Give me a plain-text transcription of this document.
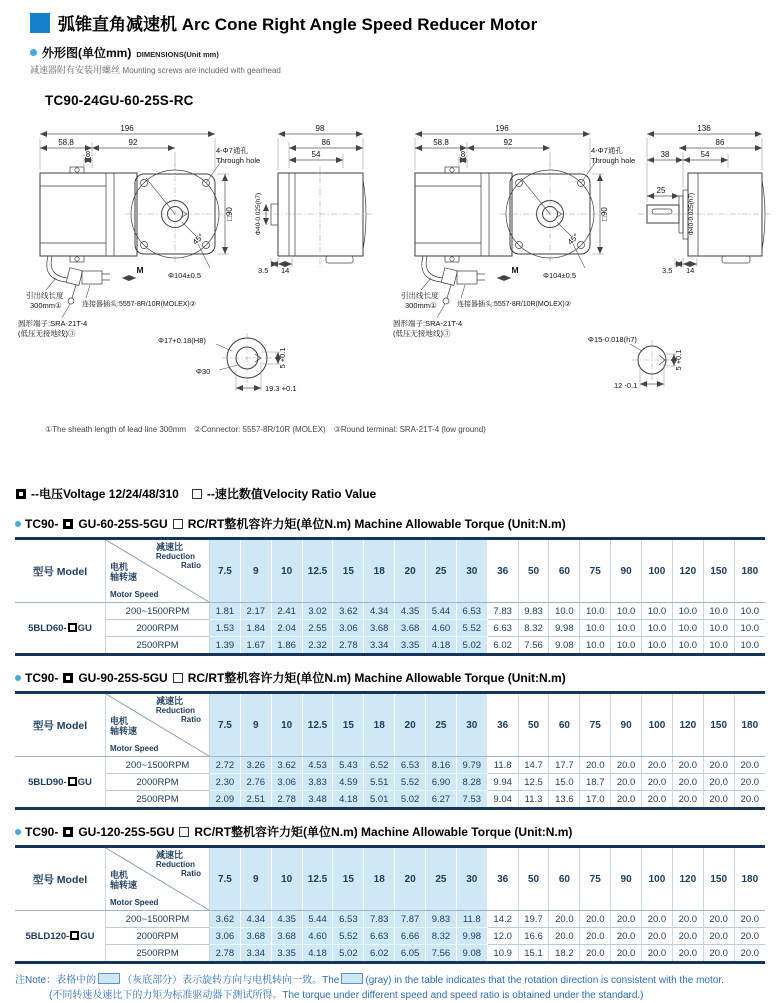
弧锥直角减速机 Arc Cone Right Angle Speed Reducer Motor
外形图(单位mm) DIMENSIONS(Unit mm)
减速器附有安装用螺丝 Mounting screws are included with gearhead
TC90-24GU-60-25S-RC
45°
196
58.8	92
8	4-Φ7通孔
Through hole
□90
Φ104±0.5
M
引出线长度
300mm①	连接器插头:5557-8R/10R(MOLEX)②
圆形端子:SRA-21T-4
(低压无接地线)③
98
86
54
Φ40-0.025(h7)
3.5 14
Φ17+0.18(H8)
Φ30
19.3 +0.1
5 +0.1
136
86
38	54
25
Φ40-0.025(h7)
3.5 14
Φ15-0.018(h7)
12 -0.1
5 +0.1
①The sheath length of lead line 300mm　②Connector: 5557-8R/10R (MOLEX)　③Round terminal: SRA-21T-4 (low ground)
--电压Voltage 12/24/48/310 --速比数值Velocity Ratio Value
TC90- GU-60-25S-5GU RC/RT整机容许力矩(单位N.m) Machine Allowable Torque (Unit:N.m)
型号 Model	
减速比
Reduction
Ratio
电机
轴转速
Motor Speed
	7.5	9	10	12.5	15	18	20	25	30	36	50	60	75	90	100	120	150	180
5BLD60- GU	200~1500RPM	1.81	2.17	2.41	3.02	3.62	4.34	4.35	5.44	6.53	7.83	9.83	10.0	10.0	10.0	10.0	10.0	10.0	10.0
	2000RPM	1.53	1.84	2.04	2.55	3.06	3.68	3.68	4.60	5.52	6.63	8.32	9.98	10.0	10.0	10.0	10.0	10.0	10.0
	2500RPM	1.39	1.67	1.86	2.32	2.78	3.34	3.35	4.18	5.02	6.02	7.56	9.08	10.0	10.0	10.0	10.0	10.0	10.0
TC90- GU-90-25S-5GU RC/RT整机容许力矩(单位N.m) Machine Allowable Torque (Unit:N.m)
型号 Model	
减速比
Reduction
Ratio
电机
轴转速
Motor Speed
	7.5	9	10	12.5	15	18	20	25	30	36	50	60	75	90	100	120	150	180
5BLD90- GU	200~1500RPM	2.72	3.26	3.62	4.53	5.43	6.52	6.53	8.16	9.79	11.8	14.7	17.7	20.0	20.0	20.0	20.0	20.0	20.0
	2000RPM	2.30	2.76	3.06	3.83	4.59	5.51	5.52	6.90	8.28	9.94	12.5	15.0	18.7	20.0	20.0	20.0	20.0	20.0
	2500RPM	2.09	2.51	2.78	3.48	4.18	5.01	5.02	6.27	7.53	9.04	11.3	13.6	17.0	20.0	20.0	20.0	20.0	20.0
TC90- GU-120-25S-5GU RC/RT整机容许力矩(单位N.m) Machine Allowable Torque (Unit:N.m)
型号 Model	
减速比
Reduction
Ratio
电机
轴转速
Motor Speed
	7.5	9	10	12.5	15	18	20	25	30	36	50	60	75	90	100	120	150	180
5BLD120- GU	200~1500RPM	3.62	4.34	4.35	5.44	6.53	7.83	7.87	9.83	11.8	14.2	19.7	20.0	20.0	20.0	20.0	20.0	20.0	20.0
	2000RPM	3.06	3.68	3.68	4.60	5.52	6.63	6.66	8.32	9.98	12.0	16.6	20.0	20.0	20.0	20.0	20.0	20.0	20.0
	2500RPM	2.78	3.34	3.35	4.18	5.02	6.02	6.05	7.56	9.08	10.9	15.1	18.2	20.0	20.0	20.0	20.0	20.0	20.0
注Note：表格中的	（灰底部分）表示旋转方向与电机转向一致。The	(gray) in the table indicates that the rotation direction is consistent with the motor.
(不同转速及速比下的力矩为标准驱动器下测试所得。The torque under different speed and speed ratio is obtained under the standard.)
